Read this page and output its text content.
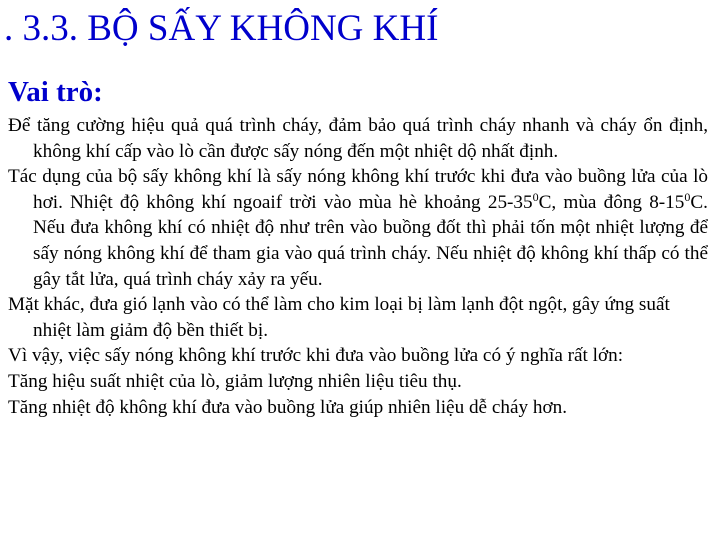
. 3.3. BỘ SẤY KHÔNG KHÍ
Vai trò:

Để tăng cường hiệu quả quá trình cháy, đảm bảo quá trình cháy nhanh và cháy ổn định, không khí cấp vào lò cần được sấy nóng đến một nhiệt dộ nhất định.

Tác dụng của bộ sấy không khí là sấy nóng không khí trước khi đưa vào buồng lửa của lò hơi. Nhiệt độ không khí ngoaif trời vào mùa hè khoảng $25-35^0C$, mùa đông $8-15^0C$. Nếu đưa không khí có nhiệt độ như trên vào buồng đốt thì phải tốn một nhiệt lượng để sấy nóng không khí để tham gia vào quá trình cháy. Nếu nhiệt độ không khí thấp có thể gây tắt lửa, quá trình cháy xảy ra yếu.

Mặt khác, đưa gió lạnh vào có thể làm cho kim loại bị làm lạnh đột ngột, gây ứng suất nhiệt làm giảm độ bền thiết bị.

Vì vậy, việc sấy nóng không khí trước khi đưa vào buồng lửa có ý nghĩa rất lớn:

Tăng hiệu suất nhiệt của lò, giảm lượng nhiên liệu tiêu thụ.

Tăng nhiệt độ không khí đưa vào buồng lửa giúp nhiên liệu dễ cháy hơn.
